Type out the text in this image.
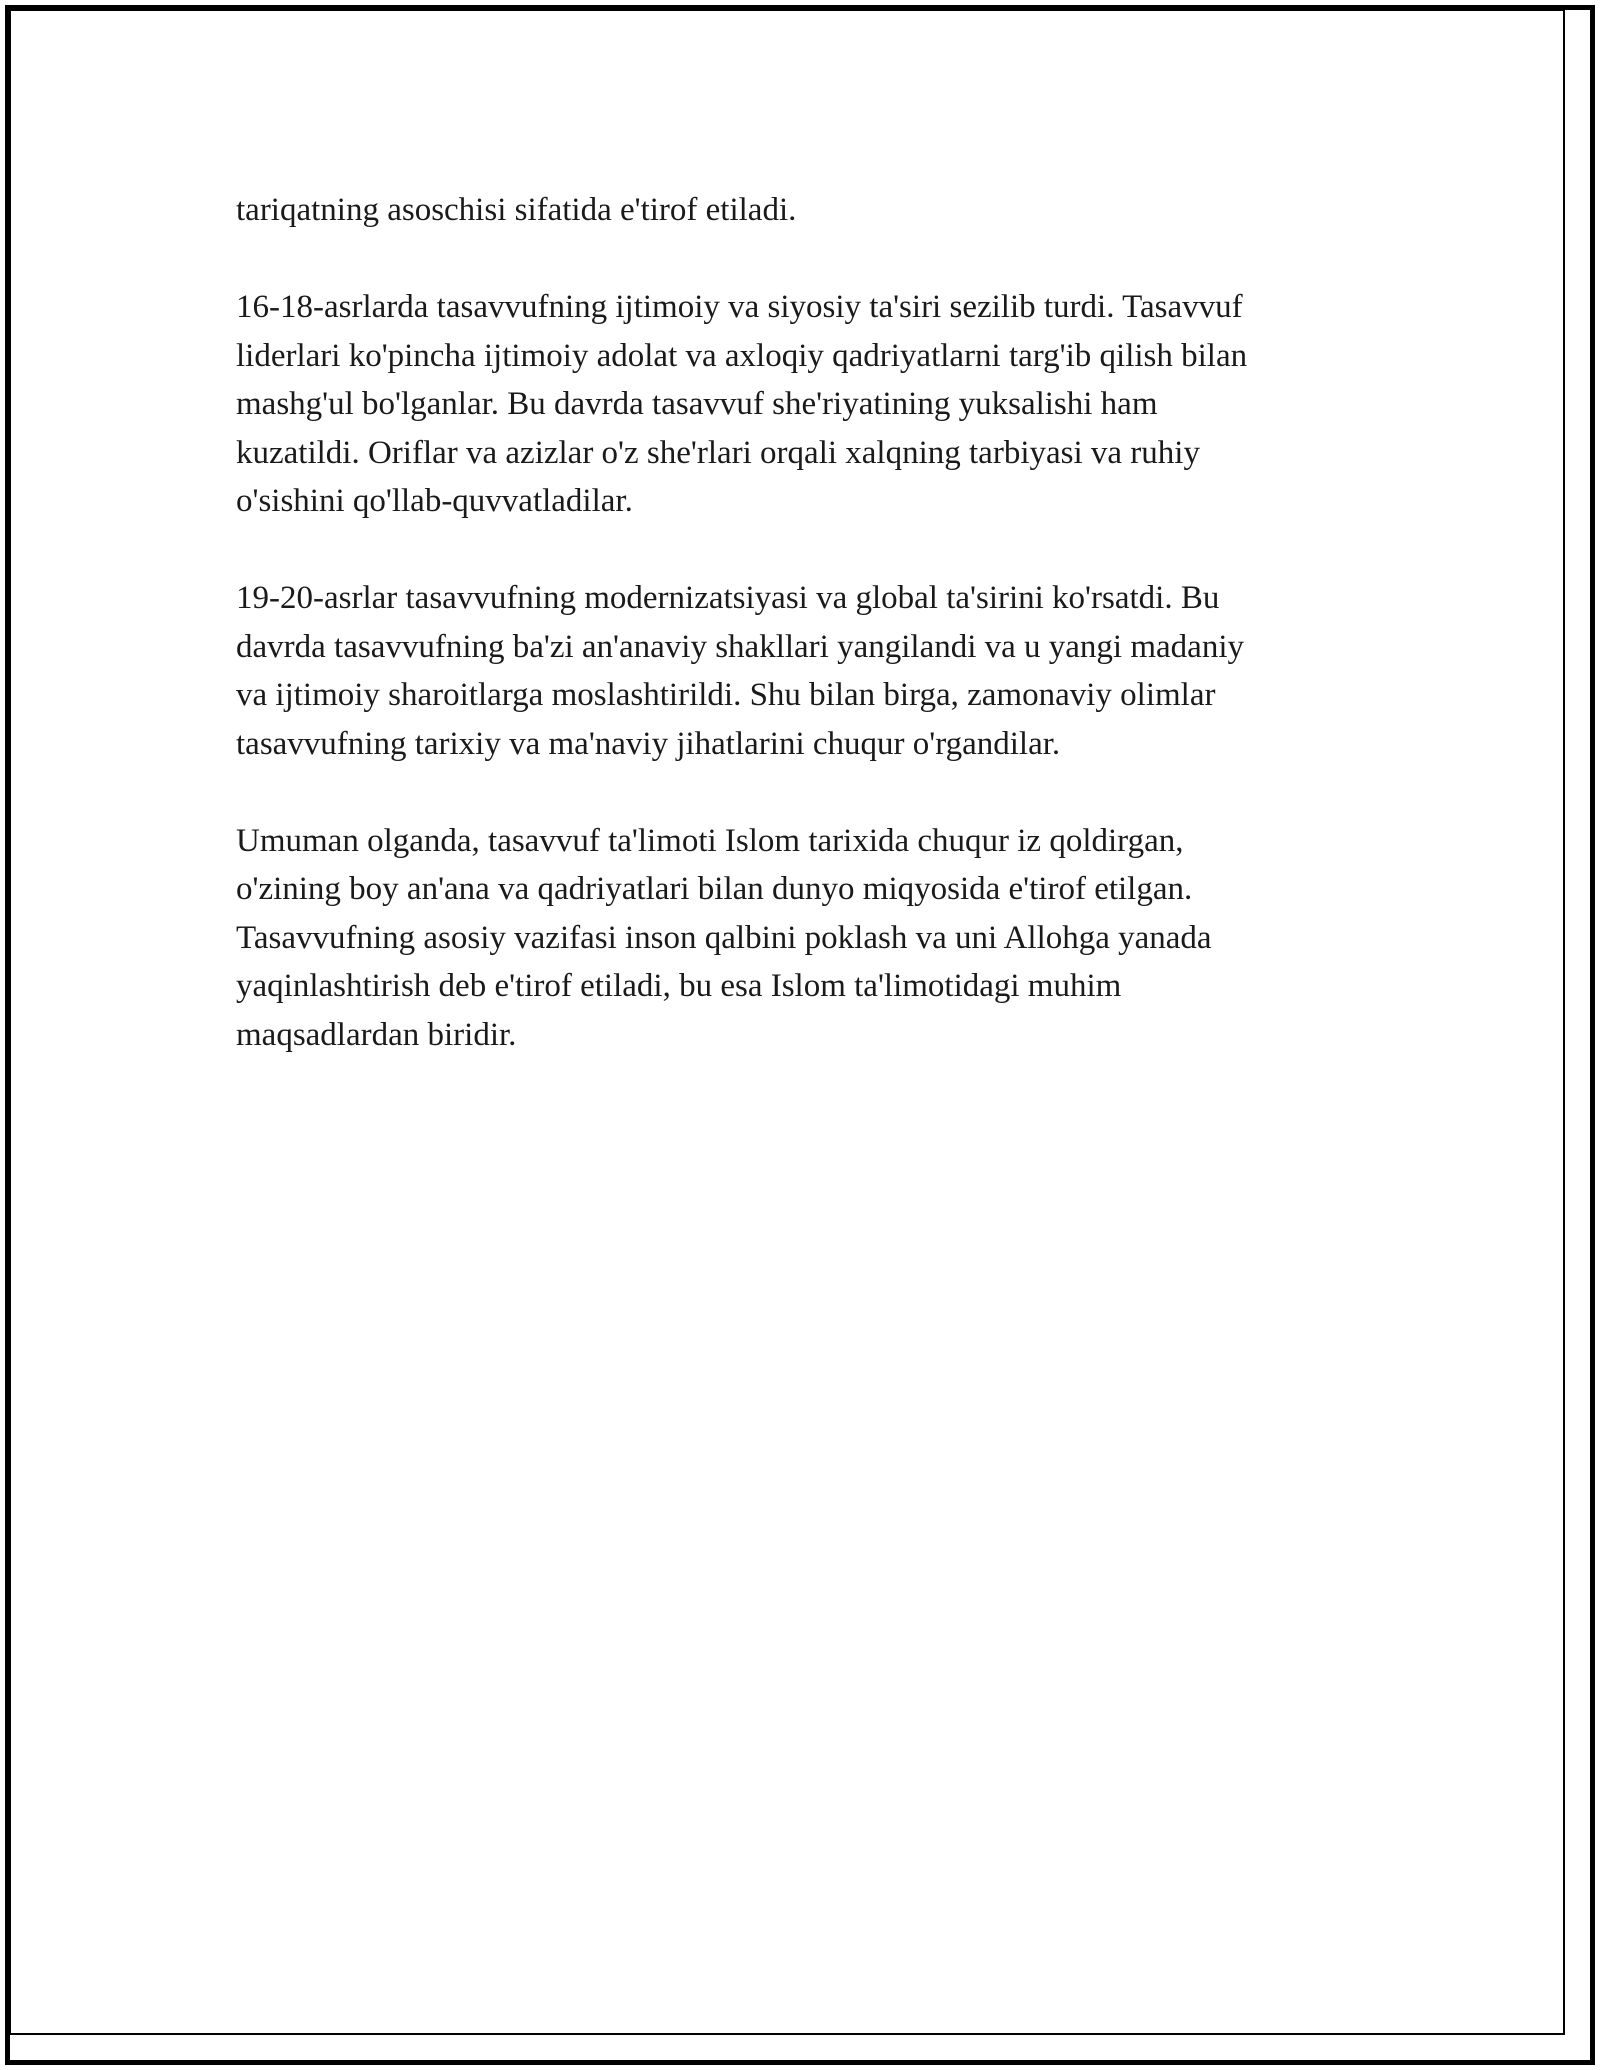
tariqatning asoschisi sifatida e'tirof etiladi.

16-18-asrlarda tasavvufning ijtimoiy va siyosiy ta'siri sezilib turdi. Tasavvuf
liderlari ko'pincha ijtimoiy adolat va axloqiy qadriyatlarni targ'ib qilish bilan
mashg'ul bo'lganlar. Bu davrda tasavvuf she'riyatining yuksalishi ham
kuzatildi. Oriflar va azizlar o'z she'rlari orqali xalqning tarbiyasi va ruhiy
o'sishini qo'llab-quvvatladilar.

19-20-asrlar tasavvufning modernizatsiyasi va global ta'sirini ko'rsatdi. Bu
davrda tasavvufning ba'zi an'anaviy shakllari yangilandi va u yangi madaniy
va ijtimoiy sharoitlarga moslashtirildi. Shu bilan birga, zamonaviy olimlar
tasavvufning tarixiy va ma'naviy jihatlarini chuqur o'rgandilar.

Umuman olganda, tasavvuf ta'limoti Islom tarixida chuqur iz qoldirgan,
o'zining boy an'ana va qadriyatlari bilan dunyo miqyosida e'tirof etilgan.
Tasavvufning asosiy vazifasi inson qalbini poklash va uni Allohga yanada
yaqinlashtirish deb e'tirof etiladi, bu esa Islom ta'limotidagi muhim
maqsadlardan biridir.
